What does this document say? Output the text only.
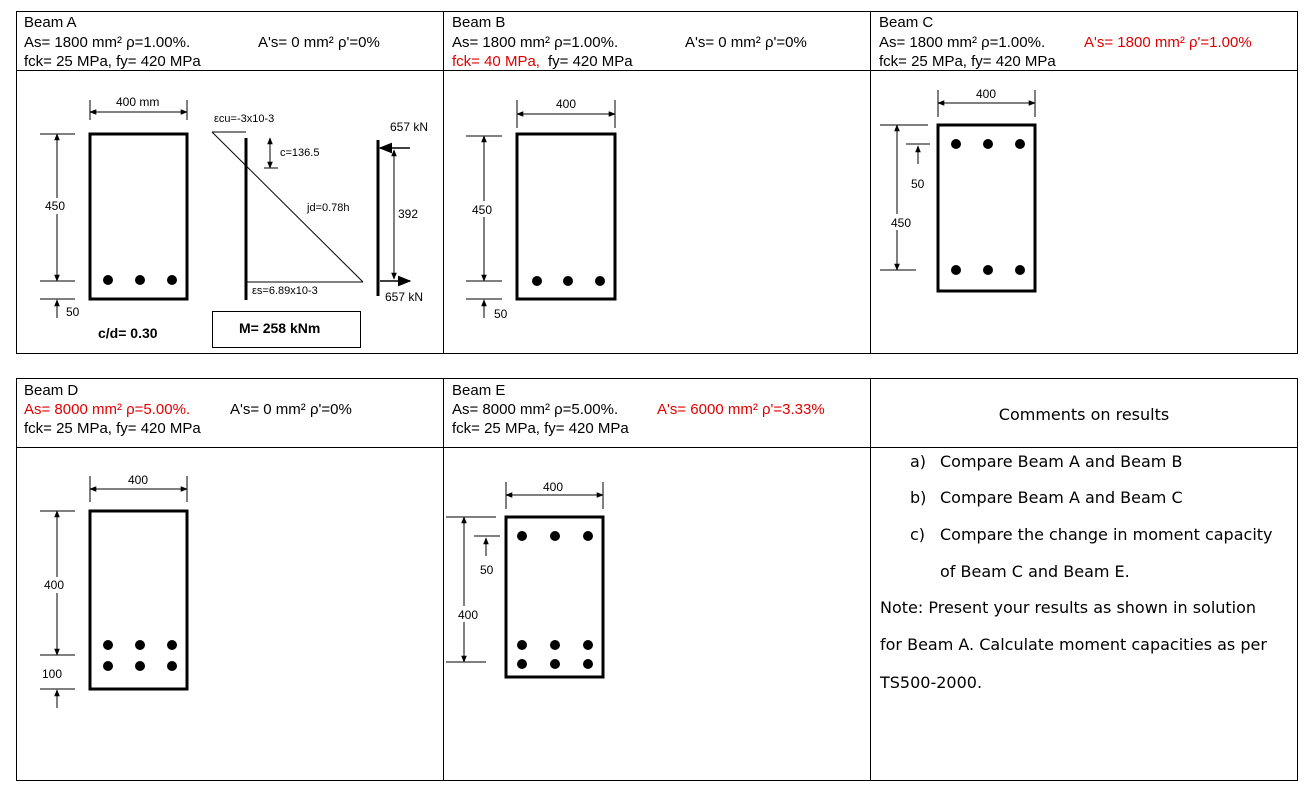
Beam A
As= 1800 mm² ρ=1.00%.	A's= 0 mm² ρ'=0%
fck= 25 MPa, fy= 420 MPa
400 mm
450
50
c/d= 0.30
εcu=-3x10-3
c=136.5
jd=0.78h
εs=6.89x10-3
657 kN
657 kN
392
M= 258 kNm
Beam B
As= 1800 mm² ρ=1.00%.	A's= 0 mm² ρ'=0%
fck= 40 MPa, fy= 420 MPa
400
450
50
Beam C
As= 1800 mm² ρ=1.00%.	A's= 1800 mm² ρ'=1.00%
fck= 25 MPa, fy= 420 MPa
400
450
50
Beam D
As= 8000 mm² ρ=5.00%.	A's= 0 mm² ρ'=0%
fck= 25 MPa, fy= 420 MPa
400
400
100
Beam E
As= 8000 mm² ρ=5.00%.	A's= 6000 mm² ρ'=3.33%
fck= 25 MPa, fy= 420 MPa
400
400
50
Comments on results
a) Compare Beam A and Beam B
b) Compare Beam A and Beam C
c) Compare the change in moment capacity
of Beam C and Beam E.
Note: Present your results as shown in solution
for Beam A. Calculate moment capacities as per
TS500-2000.
